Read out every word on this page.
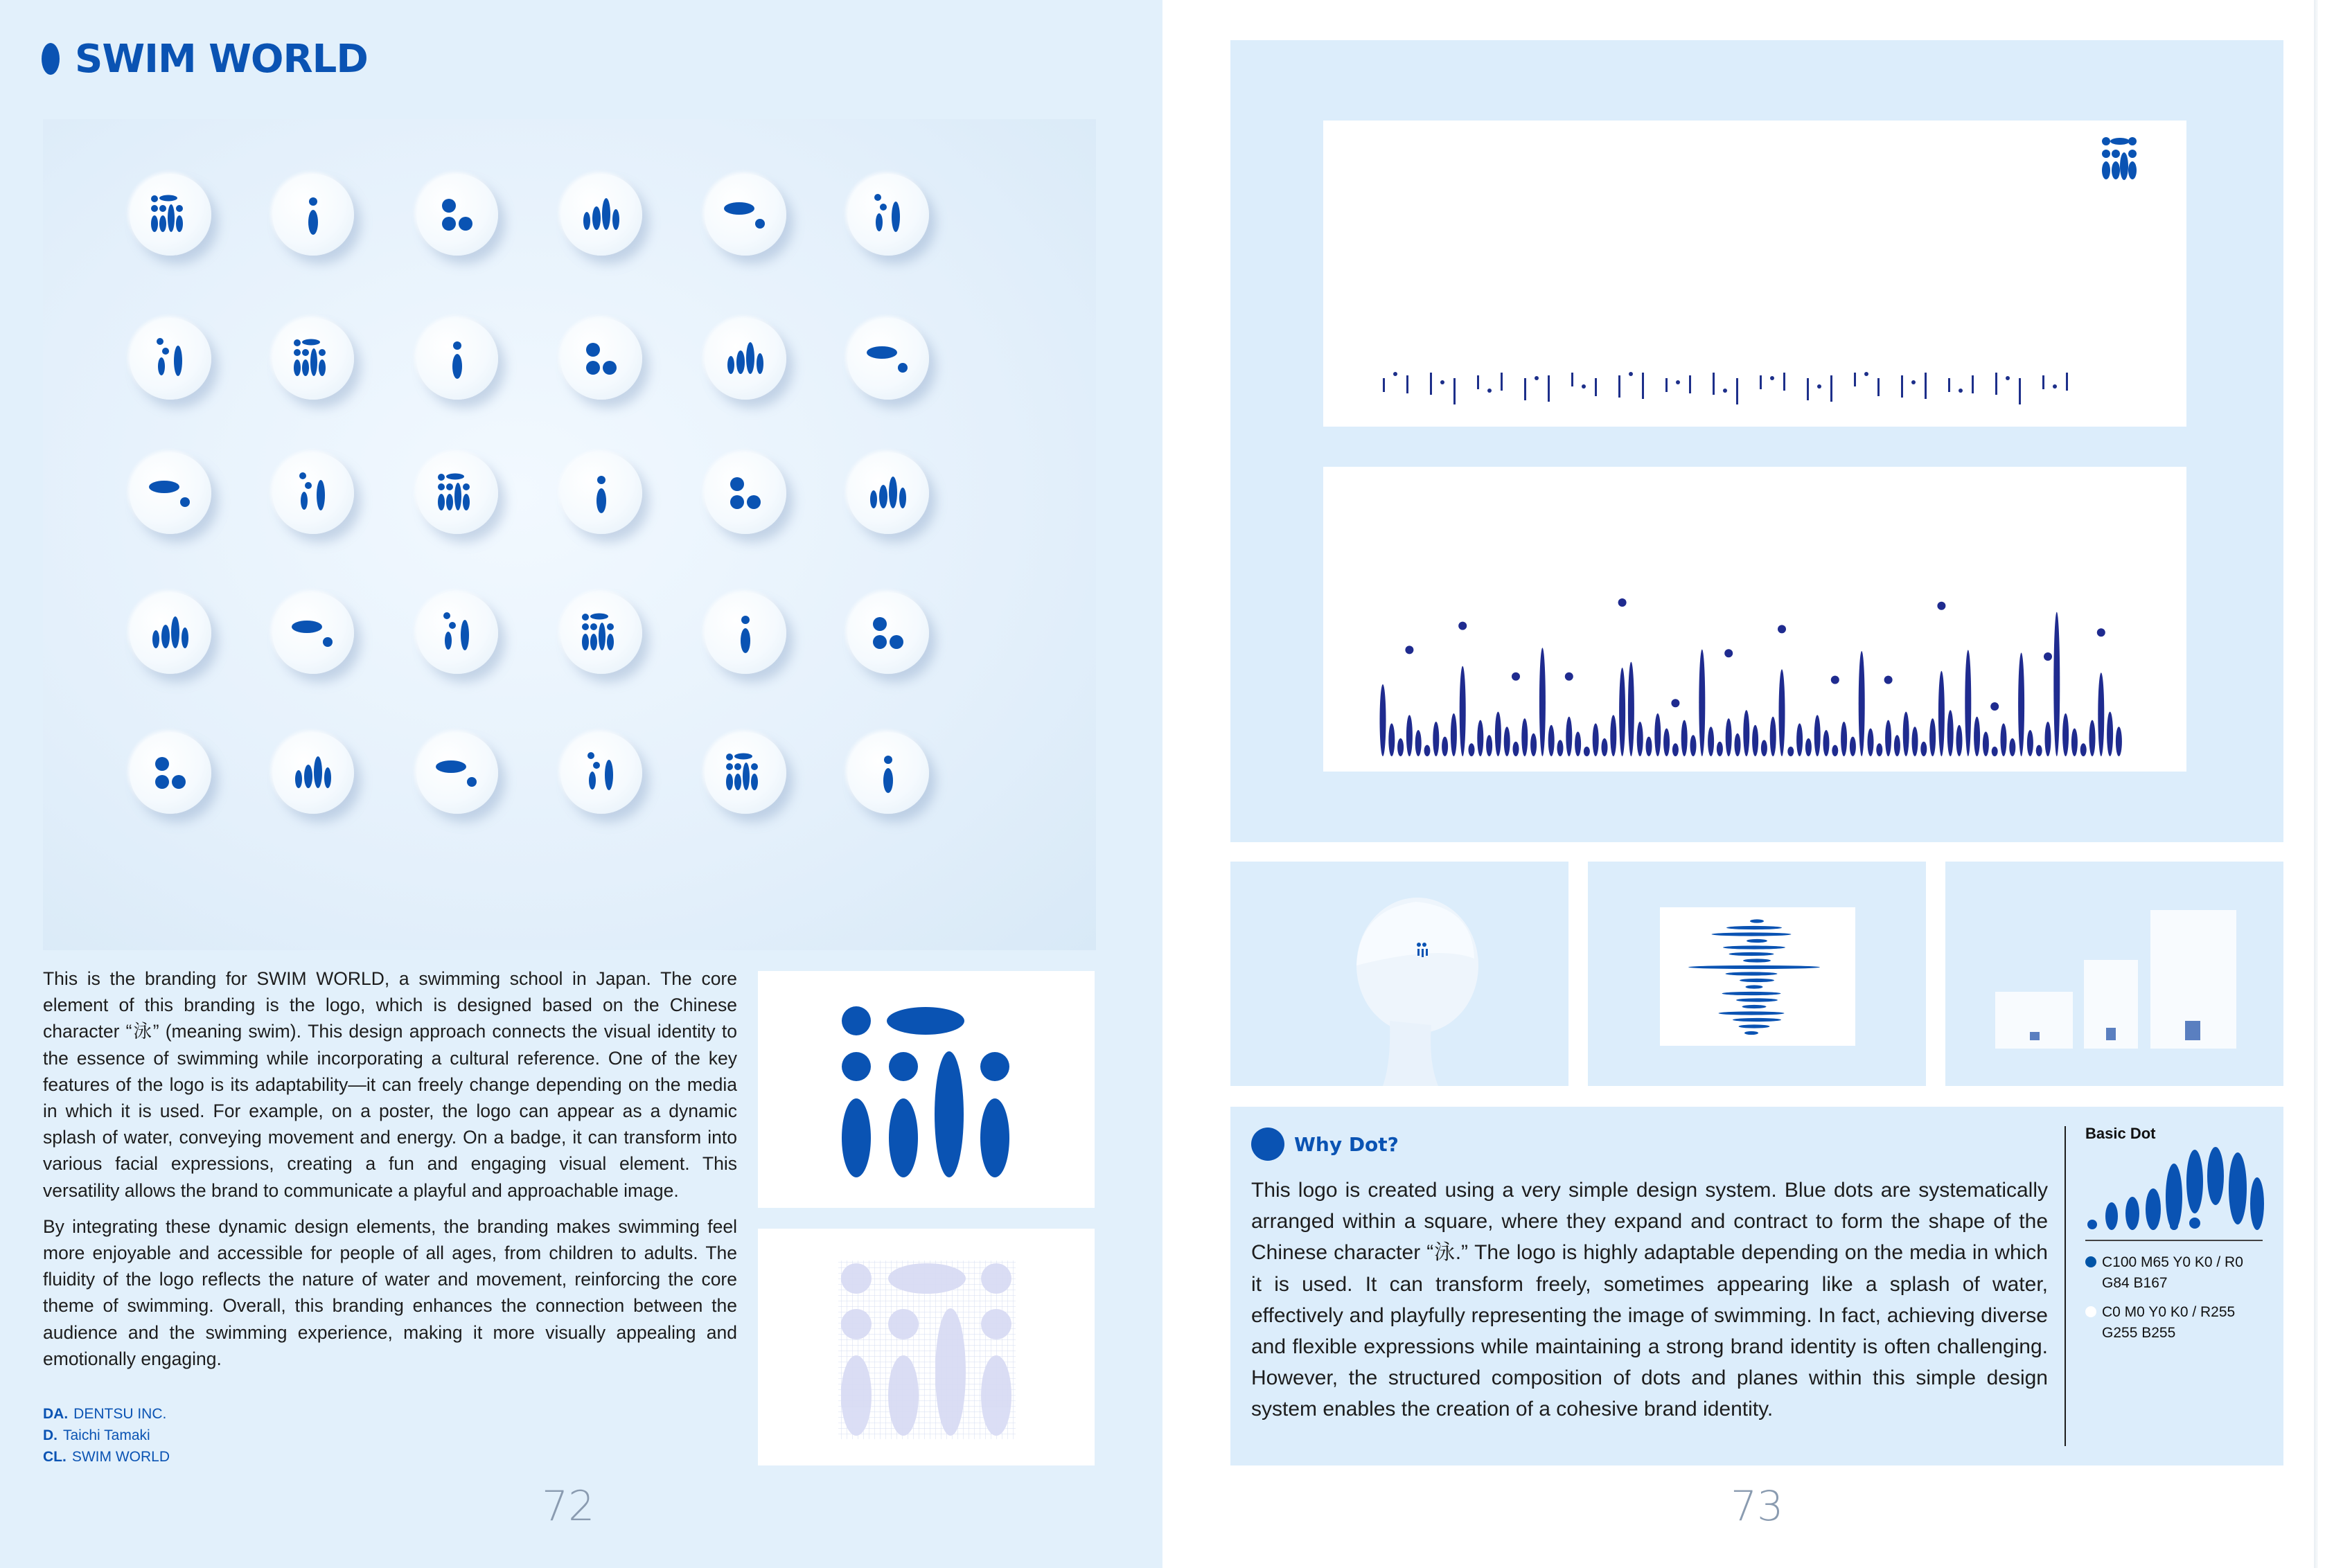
SWIM WORLD

This is the branding for SWIM WORLD, a swimming school in Japan. The core element of this branding is the logo, which is designed based on the Chinese character “泳” (meaning swim). This design approach connects the visual identity to the essence of swimming while incorporating a cultural reference. One of the key features of the logo is its adaptability—it can freely change depending on the media in which it is used. For example, on a poster, the logo can appear as a dynamic splash of water, conveying movement and energy. On a badge, it can transform into various facial expressions, creating a fun and engaging visual element. This versatility allows the brand to communicate a playful and approachable image.

By integrating these dynamic design elements, the branding makes swimming feel more enjoyable and accessible for people of all ages, from children to adults. The fluidity of the logo reflects the nature of water and movement, reinforcing the core theme of swimming. Overall, this branding enhances the connection between the audience and the swimming experience, making it more visually appealing and emotionally engaging.

DA. DENTSU INC.
D. Taichi Tamaki
CL. SWIM WORLD
72
Why Dot?
This logo is created using a very simple design system. Blue dots are systematically arranged within a square, where they expand and contract to form the shape of the Chinese character “泳.” The logo is highly adaptable depending on the media in which it is used. It can transform freely, sometimes appearing like a splash of water, effectively and playfully representing the image of swimming. In fact, achieving diverse and flexible expressions while maintaining a strong brand identity is often challenging. However, the structured composition of dots and planes within this simple design system enables the creation of a cohesive brand identity.
Basic Dot
C100 M65 Y0 K0 / R0
G84 B167
C0 M0 Y0 K0 / R255
G255 B255
73
